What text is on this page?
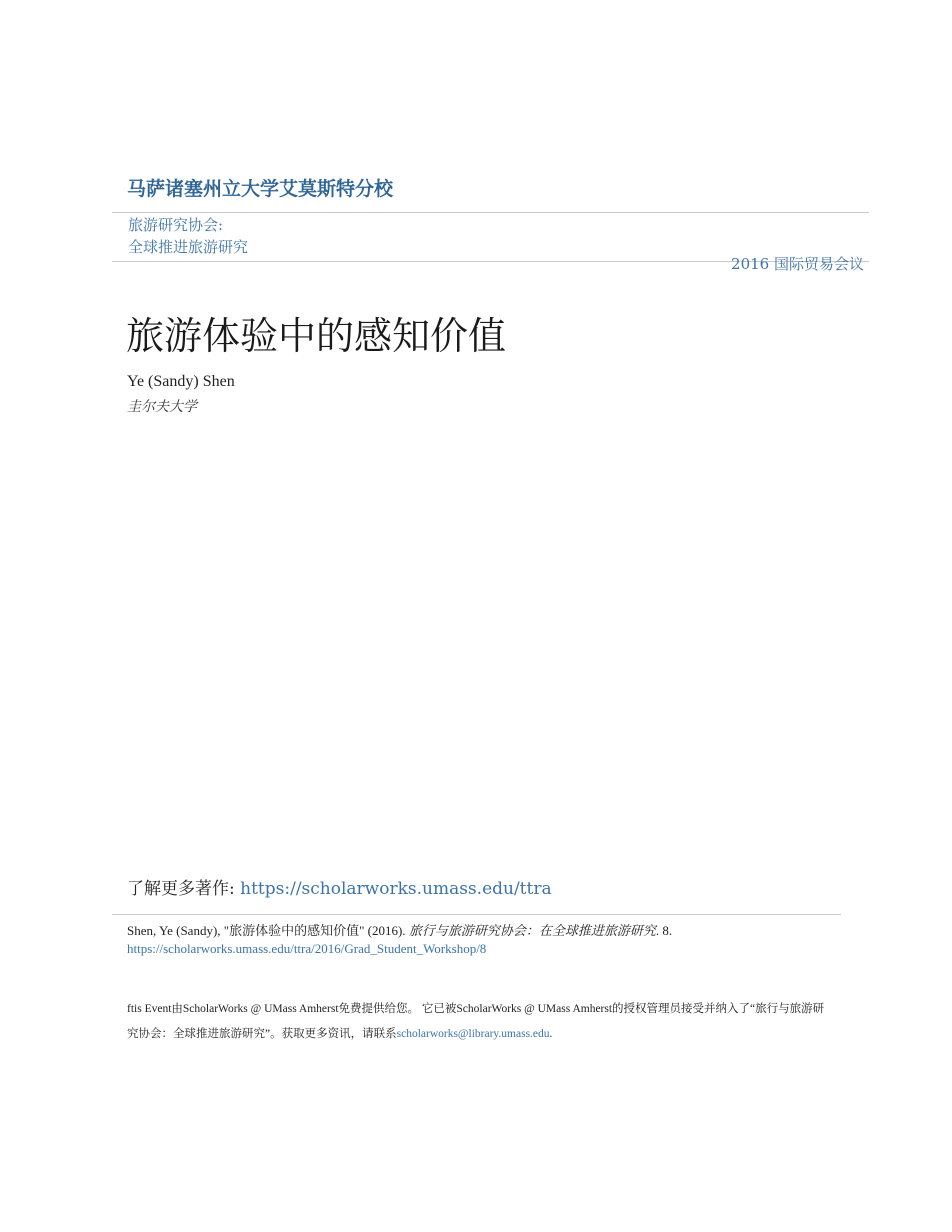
马萨诸塞州立大学艾莫斯特分校
旅游研究协会:
全球推进旅游研究
2016 国际贸易会议
旅游体验中的感知价值
Ye (Sandy) Shen
圭尔夫大学
了解更多著作: https://scholarworks.umass.edu/ttra
Shen, Ye (Sandy), "旅游体验中的感知价值" (2016). 旅行与旅游研究协会：在全球推进旅游研究. 8.
https://scholarworks.umass.edu/ttra/2016/Grad_Student_Workshop/8
ftis Event由ScholarWorks @ UMass Amherst免费提供给您。 它已被ScholarWorks @ UMass Amherst的授权管理员接受并纳入了“旅行与旅游研究协会：全球推进旅游研究”。获取更多资讯，请联系scholarworks@library.umass.edu.
